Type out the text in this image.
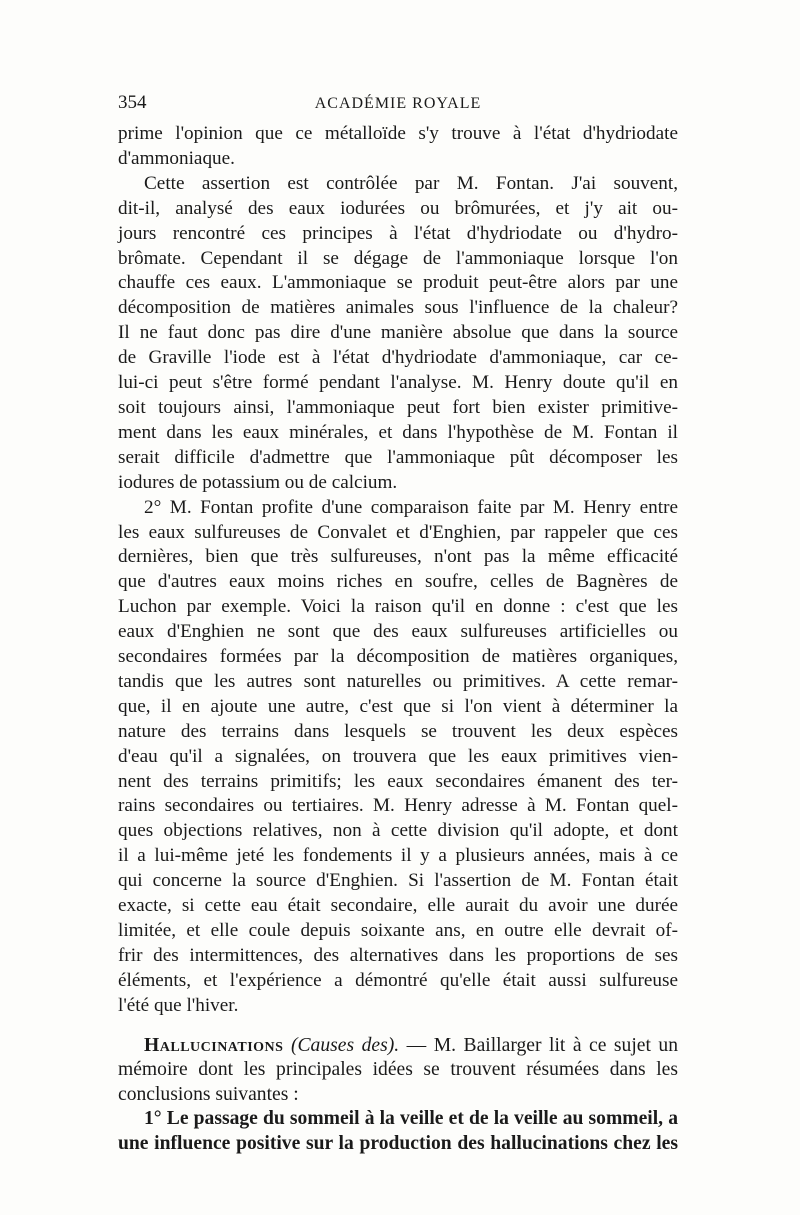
354	ACADÉMIE ROYALE

prime l'opinion que ce métalloïde s'y trouve à l'état d'hydriodate

d'ammoniaque.

Cette assertion est contrôlée par M. Fontan. J'ai souvent,

dit-il, analysé des eaux iodurées ou brômurées, et j'y ait ou-

jours rencontré ces principes à l'état d'hydriodate ou d'hydro-

brômate. Cependant il se dégage de l'ammoniaque lorsque l'on

chauffe ces eaux. L'ammoniaque se produit peut-être alors par une

décomposition de matières animales sous l'influence de la chaleur?

Il ne faut donc pas dire d'une manière absolue que dans la source

de Graville l'iode est à l'état d'hydriodate d'ammoniaque, car ce-

lui-ci peut s'être formé pendant l'analyse. M. Henry doute qu'il en

soit toujours ainsi, l'ammoniaque peut fort bien exister primitive-

ment dans les eaux minérales, et dans l'hypothèse de M. Fontan il

serait difficile d'admettre que l'ammoniaque pût décomposer les

iodures de potassium ou de calcium.

2° M. Fontan profite d'une comparaison faite par M. Henry entre

les eaux sulfureuses de Convalet et d'Enghien, par rappeler que ces

dernières, bien que très sulfureuses, n'ont pas la même efficacité

que d'autres eaux moins riches en soufre, celles de Bagnères de

Luchon par exemple. Voici la raison qu'il en donne : c'est que les

eaux d'Enghien ne sont que des eaux sulfureuses artificielles ou

secondaires formées par la décomposition de matières organiques,

tandis que les autres sont naturelles ou primitives. A cette remar-

que, il en ajoute une autre, c'est que si l'on vient à déterminer la

nature des terrains dans lesquels se trouvent les deux espèces

d'eau qu'il a signalées, on trouvera que les eaux primitives vien-

nent des terrains primitifs; les eaux secondaires émanent des ter-

rains secondaires ou tertiaires. M. Henry adresse à M. Fontan quel-

ques objections relatives, non à cette division qu'il adopte, et dont

il a lui-même jeté les fondements il y a plusieurs années, mais à ce

qui concerne la source d'Enghien. Si l'assertion de M. Fontan était

exacte, si cette eau était secondaire, elle aurait du avoir une durée

limitée, et elle coule depuis soixante ans, en outre elle devrait of-

frir des intermittences, des alternatives dans les proportions de ses

éléments, et l'expérience a démontré qu'elle était aussi sulfureuse

l'été que l'hiver.

Hallucinations (Causes des). — M. Baillarger lit à ce sujet un

mémoire dont les principales idées se trouvent résumées dans les

conclusions suivantes :

1° Le passage du sommeil à la veille et de la veille au sommeil, a

une influence positive sur la production des hallucinations chez les
